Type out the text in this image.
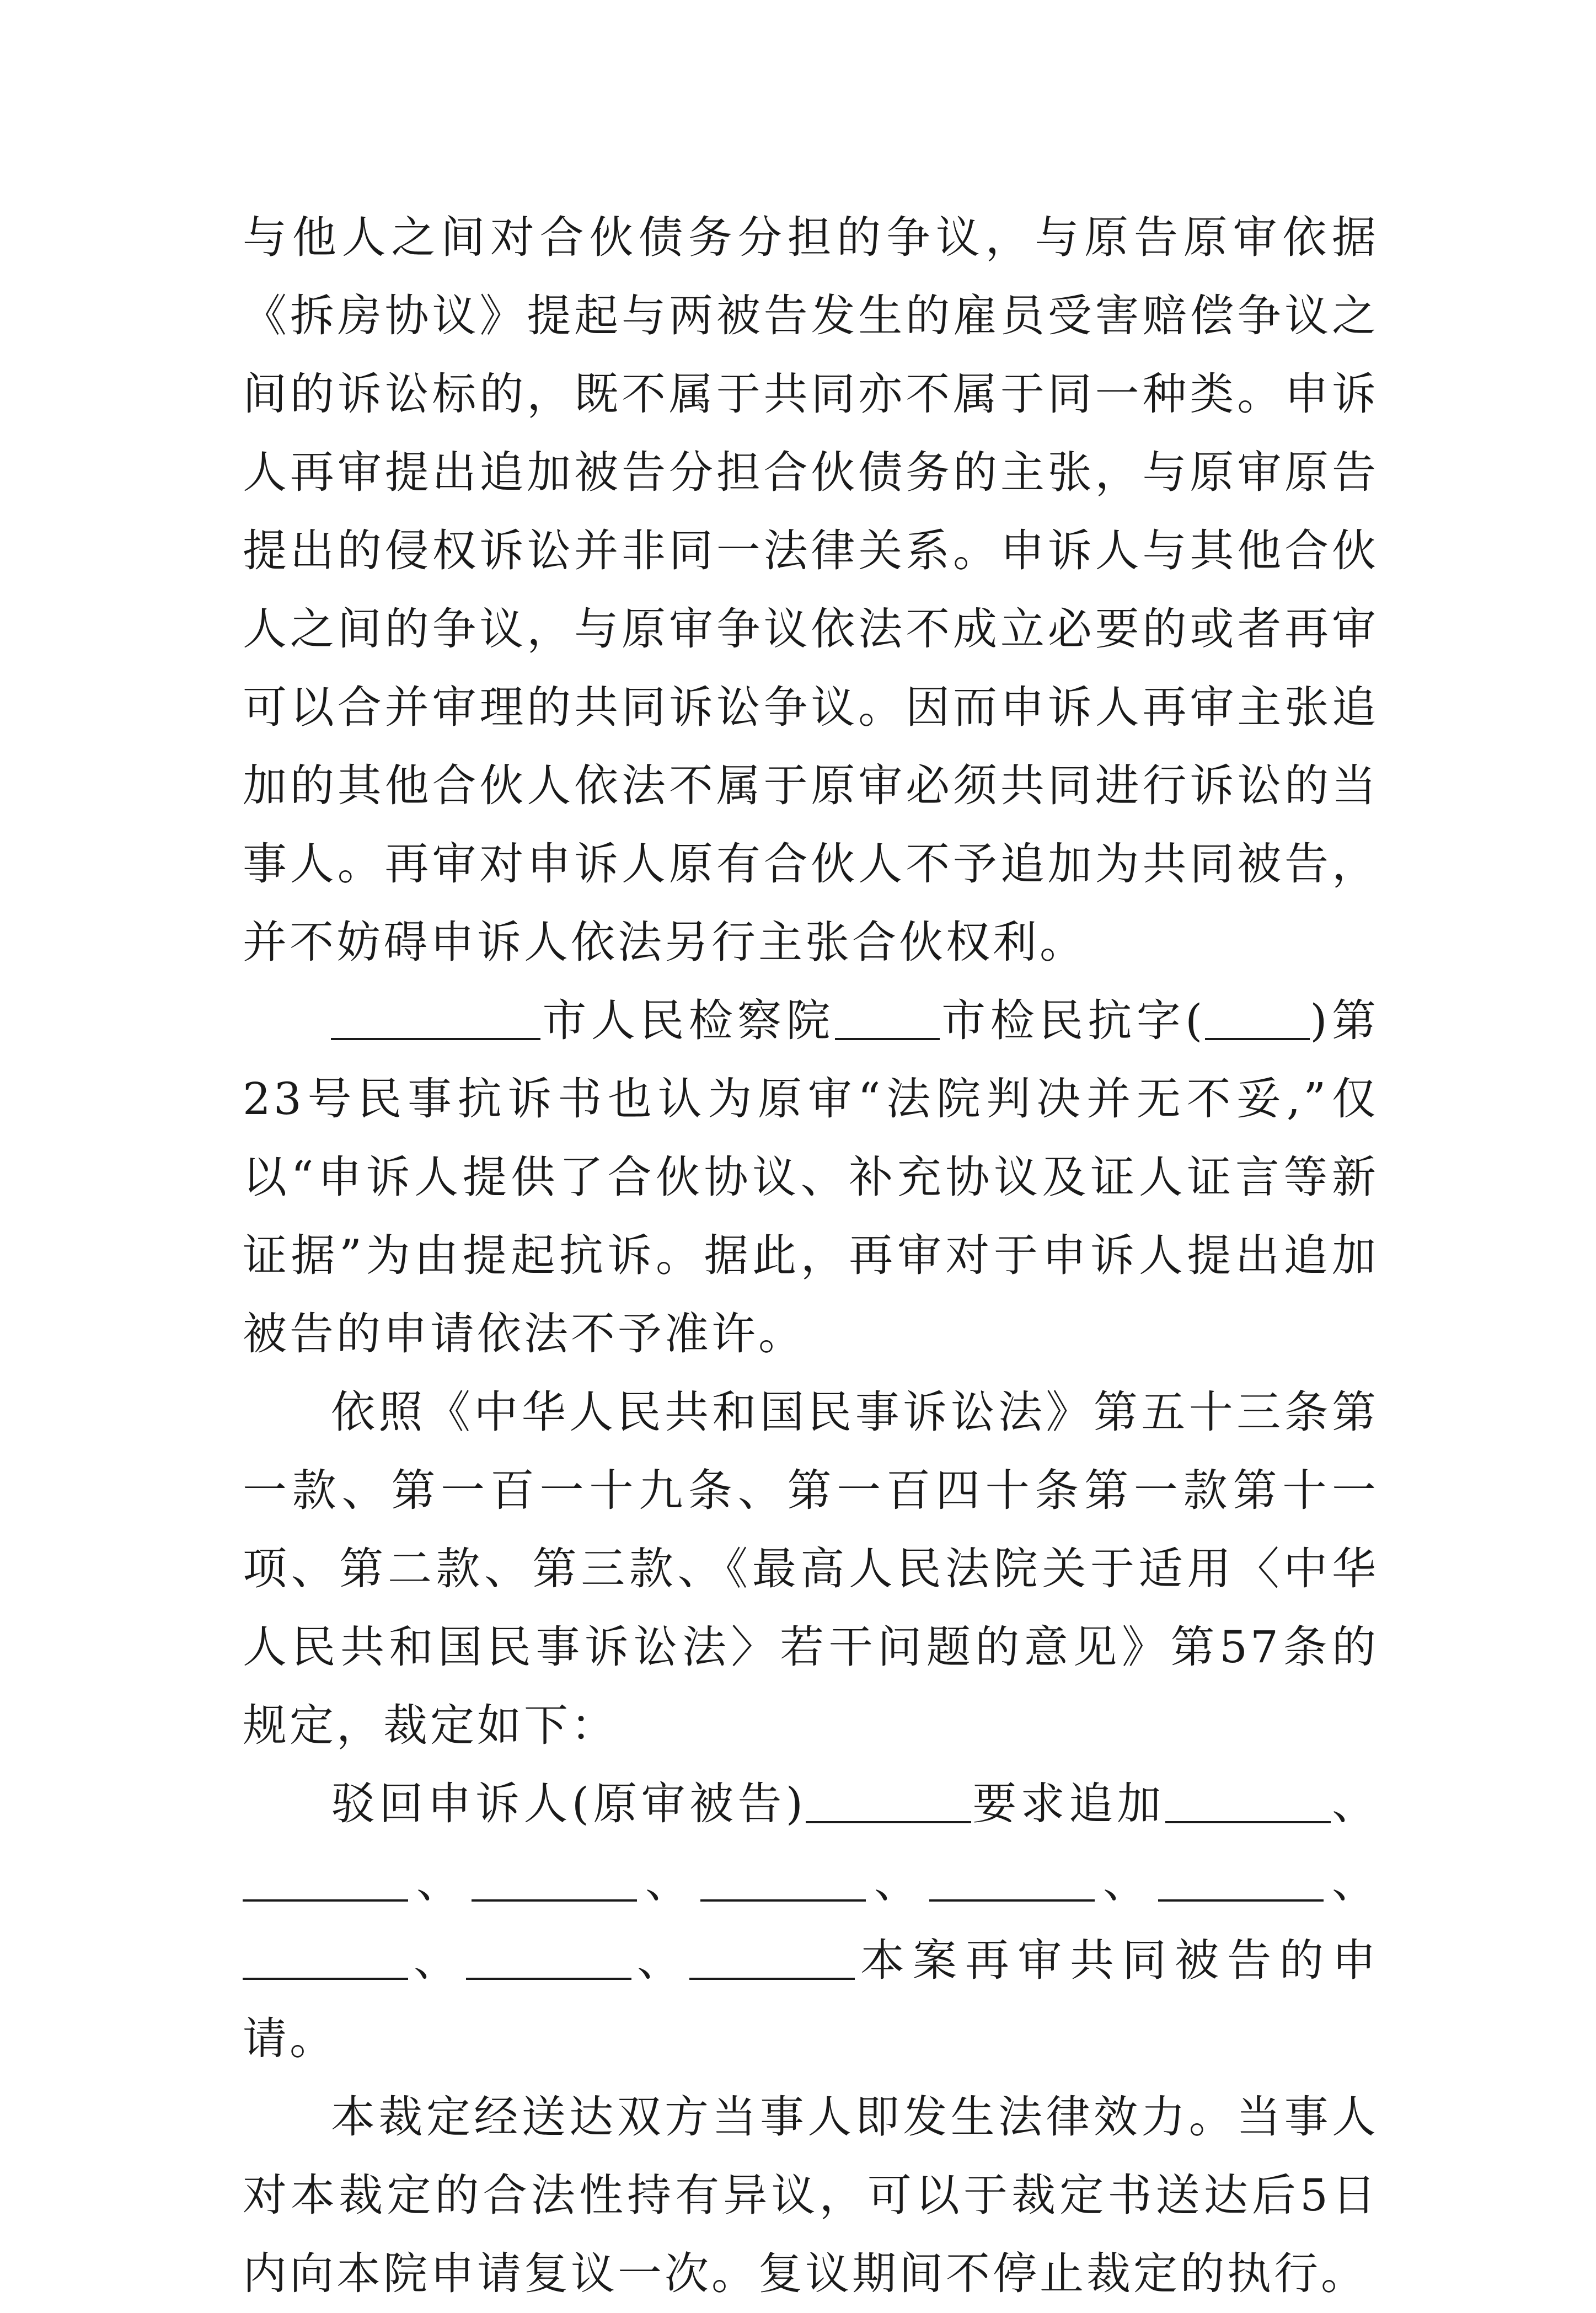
与他人之间对合伙债务分担的争议，与原告原审依据《拆房协议》提起与两被告发生的雇员受害赔偿争议之间的诉讼标的，既不属于共同亦不属于同一种类。申诉人再审提出追加被告分担合伙债务的主张，与原审原告提出的侵权诉讼并非同一法律关系。申诉人与其他合伙人之间的争议，与原审争议依法不成立必要的或者再审可以合并审理的共同诉讼争议。因而申诉人再审主张追加的其他合伙人依法不属于原审必须共同进行诉讼的当事人。再审对申诉人原有合伙人不予追加为共同被告，并不妨碍申诉人依法另行主张合伙权利。

市人民检察院 市检民抗字( )第23号民事抗诉书也认为原审“法院判决并无不妥,”仅以“申诉人提供了合伙协议、补充协议及证人证言等新证据”为由提起抗诉。据此，再审对于申诉人提出追加被告的申请依法不予准许。

依照《中华人民共和国民事诉讼法》第五十三条第一款、第一百一十九条、第一百四十条第一款第十一项、第二款、第三款、《最高人民法院关于适用〈中华人民共和国民事诉讼法〉若干问题的意见》第57条的规定，裁定如下：

驳回申诉人(原审被告)	要求追加	、、	、	、	、	、、	、	本案再审共同被告的申请。

本裁定经送达双方当事人即发生法律效力。当事人对本裁定的合法性持有异议，可以于裁定书送达后5日内向本院申请复议一次。复议期间不停止裁定的执行。
